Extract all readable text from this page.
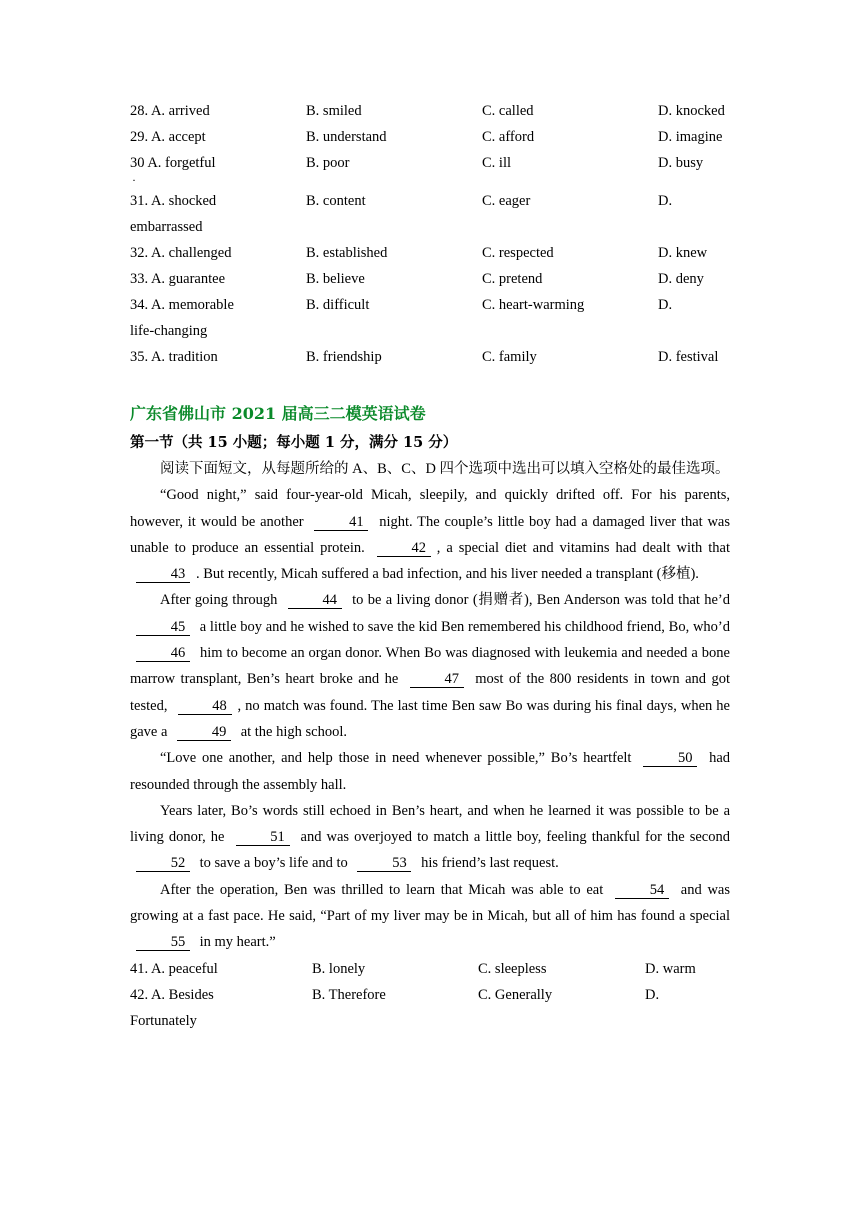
28. A. arrived	B. smiled	C. called	D. knocked
29. A. accept	B. understand	C. afford	D. imagine
30 · A. forgetful	B. poor	C. ill	D. busy
31. A. shocked	B. content	C. eager	D.
embarrassed
32. A. challenged	B. established	C. respected	D. knew
33. A. guarantee	B. believe	C. pretend	D. deny
34. A. memorable	B. difficult	C. heart-warming	D.
life-changing
35. A. tradition	B. friendship	C. family	D. festival
广东省佛山市 2021 届高三二模英语试卷
第一节（共 15 小题；每小题 1 分，满分 15 分）

阅读下面短文，从每题所给的 A、B、C、D 四个选项中选出可以填入空格处的最佳选项。

“Good night,” said four-year-old Micah, sleepily, and quickly drifted off. For his parents, however, it would be another	41 night. The couple’s little boy had a damaged liver that was unable to produce an essential protein.	42 , a special diet and vitamins had dealt with that 43 . But recently, Micah suffered a bad infection, and his liver needed a transplant (移植).

After going through	44 to be a living donor (捐赠者), Ben Anderson was told that he’d 45 a little boy and he wished to save the kid Ben remembered his childhood friend, Bo, who’d 46 him to become an organ donor. When Bo was diagnosed with leukemia and needed a bone marrow transplant, Ben’s heart broke and he	47 most of the 800 residents in town and got tested,	48 , no match was found. The last time Ben saw Bo was during his final days, when he gave a	49 at the high school.

“Love one another, and help those in need whenever possible,” Bo’s heartfelt	50 had resounded through the assembly hall.

Years later, Bo’s words still echoed in Ben’s heart, and when he learned it was possible to be a living donor, he	51 and was overjoyed to match a little boy, feeling thankful for the second 52 to save a boy’s life and to	53 his friend’s last request.

After the operation, Ben was thrilled to learn that Micah was able to eat	54 and was growing at a fast pace. He said, “Part of my liver may be in Micah, but all of him has found a special 55 in my heart.”

41. A. peaceful	B. lonely	C. sleepless	D. warm
42. A. Besides	B. Therefore	C. Generally	D.
Fortunately
